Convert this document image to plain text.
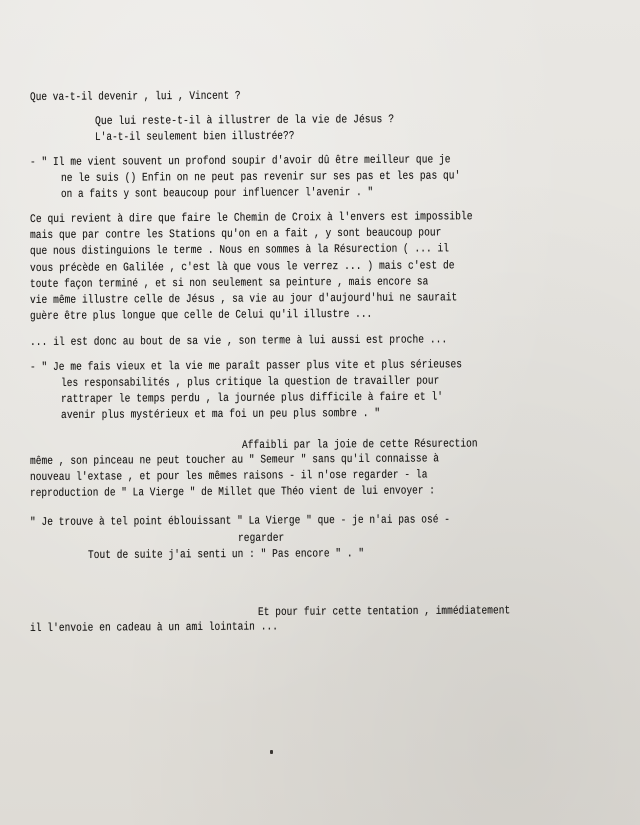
Que va-t-il devenir , lui , Vincent ?
Que lui reste-t-il à illustrer de la vie de Jésus ?
L'a-t-il seulement bien illustrée??
- " Il me vient souvent un profond soupir d'avoir dû être meilleur que je
ne le suis () Enfin on ne peut pas revenir sur ses pas et les pas qu'
on a faits y sont beaucoup pour influencer l'avenir . "
Ce qui revient à dire que faire le Chemin de Croix à l'envers est impossible
mais que par contre les Stations qu'on en a fait , y sont beaucoup pour
que nous distinguions le terme . Nous en sommes à la Résurection ( ... il
vous précède en Galilée , c'est là que vous le verrez ... ) mais c'est de
toute façon terminé , et si non seulement sa peinture , mais encore sa
vie même illustre celle de Jésus , sa vie au jour d'aujourd'hui ne saurait
guère être plus longue que celle de Celui qu'il illustre ...
... il est donc au bout de sa vie , son terme à lui aussi est proche ...
- " Je me fais vieux et la vie me paraît passer plus vite et plus sérieuses
les responsabilités , plus critique la question de travailler pour
rattraper le temps perdu , la journée plus difficile à faire et l'
avenir plus mystérieux et ma foi un peu plus sombre . "
Affaibli par la joie de cette Résurection
même , son pinceau ne peut toucher au " Semeur " sans qu'il connaisse à
nouveau l'extase , et pour les mêmes raisons - il n'ose regarder - la
reproduction de " La Vierge " de Millet que Théo vient de lui envoyer :
" Je trouve à tel point éblouissant " La Vierge " que - je n'ai pas osé -
regarder
Tout de suite j'ai senti un : " Pas encore " . "
Et pour fuir cette tentation , immédiatement
il l'envoie en cadeau à un ami lointain ...
